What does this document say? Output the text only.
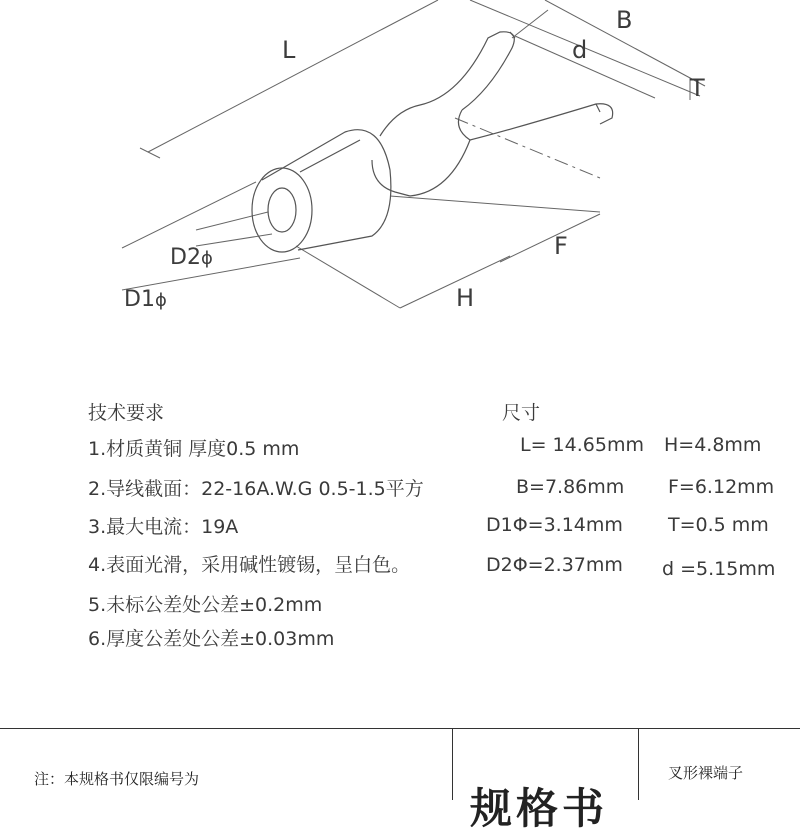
L
B
d
T
F
H
D2ϕ
D1ϕ
技术要求
1.材质黄铜 厚度0.5 mm
2.导线截面：22-16A.W.G 0.5-1.5平方
3.最大电流：19A
4.表面光滑，采用碱性镀锡，呈白色。
5.未标公差处公差±0.2mm
6.厚度公差处公差±0.03mm
尺寸
L= 14.65mm H=4.8mm
B=7.86mm F=6.12mm
D1Φ=3.14mm T=0.5 mm
D2Φ=2.37mm d =5.15mm
注：本规格书仅限编号为
规格书
叉形裸端子
